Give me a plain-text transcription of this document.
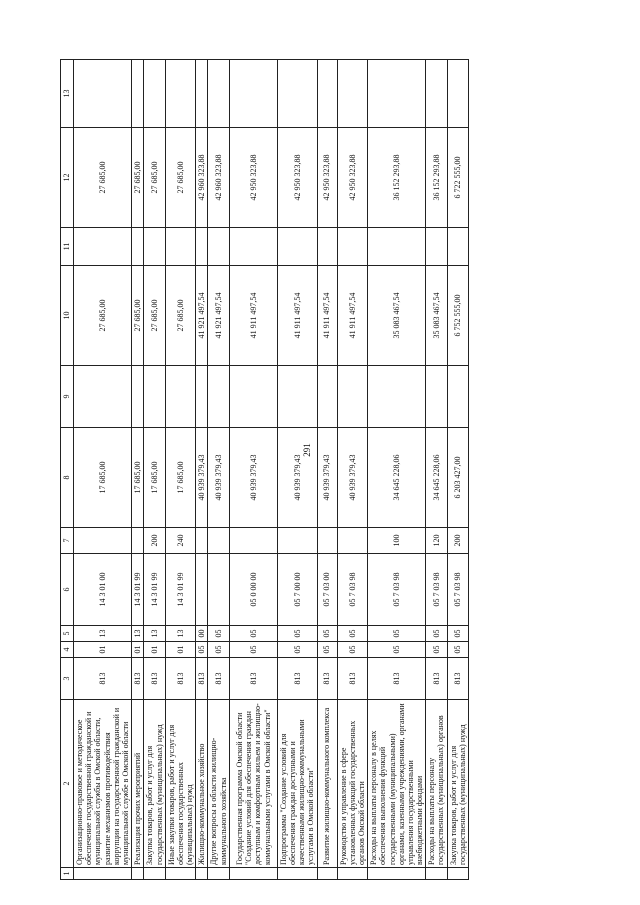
291
1	2	3	4	5	6	7	8	9	10	11	12	13
	Организационно-правовое и методическое обеспечение государственной гражданской и муниципальной службы в Омской области, развитие механизмов противодействия коррупции на государственной гражданской и муниципальной службе в Омской области	813	01	13	14 3 01 00		17 685,00		27 685,00		27 685,00	
	Реализация прочих мероприятий	813	01	13	14 3 01 99		17 685,00		27 685,00		27 685,00	
	Закупка товаров, работ и услуг для государственных (муниципальных) нужд	813	01	13	14 3 01 99	200	17 685,00		27 685,00		27 685,00	
	Иные закупки товаров, работ и услуг для обеспечения государственных (муниципальных) нужд	813	01	13	14 3 01 99	240	17 685,00		27 685,00		27 685,00	
	Жилищно-коммунальное хозяйство	813	05	00			40 939 379,43		41 921 497,54		42 960 323,88	
	Другие вопросы в области жилищно-коммунального хозяйства	813	05	05			40 939 379,43		41 921 497,54		42 960 323,88	
	Государственная программа Омской области "Создание условий для обеспечения граждан доступным и комфортным жильем и жилищно-коммунальными услугами в Омской области"	813	05	05	05 0 00 00		40 939 379,43		41 911 497,54		42 950 323,88	
	Подпрограмма "Создание условий для обеспечения граждан доступными и качественными жилищно-коммунальными услугами в Омской области"	813	05	05	05 7 00 00		40 939 379,43		41 911 497,54		42 950 323,88	
	Развитие жилищно-коммунального комплекса	813	05	05	05 7 03 00		40 939 379,43		41 911 497,54		42 950 323,88	
	Руководство и управление в сфере установленных функций государственных органов Омской области	813	05	05	05 7 03 98		40 939 379,43		41 911 497,54		42 950 323,88	
	Расходы на выплаты персоналу в целях обеспечения выполнения функций государственными (муниципальными) органами, казенными учреждениями, органами управления государственными внебюджетными фондами	813	05	05	05 7 03 98	100	34 645 228,06		35 083 467,54		36 152 293,88	
	Расходы на выплаты персоналу государственных (муниципальных) органов	813	05	05	05 7 03 98	120	34 645 228,06		35 083 467,54		36 152 293,88	
	Закупка товаров, работ и услуг для государственных (муниципальных) нужд	813	05	05	05 7 03 98	200	6 203 427,00		6 752 555,00		6 722 555,00	
